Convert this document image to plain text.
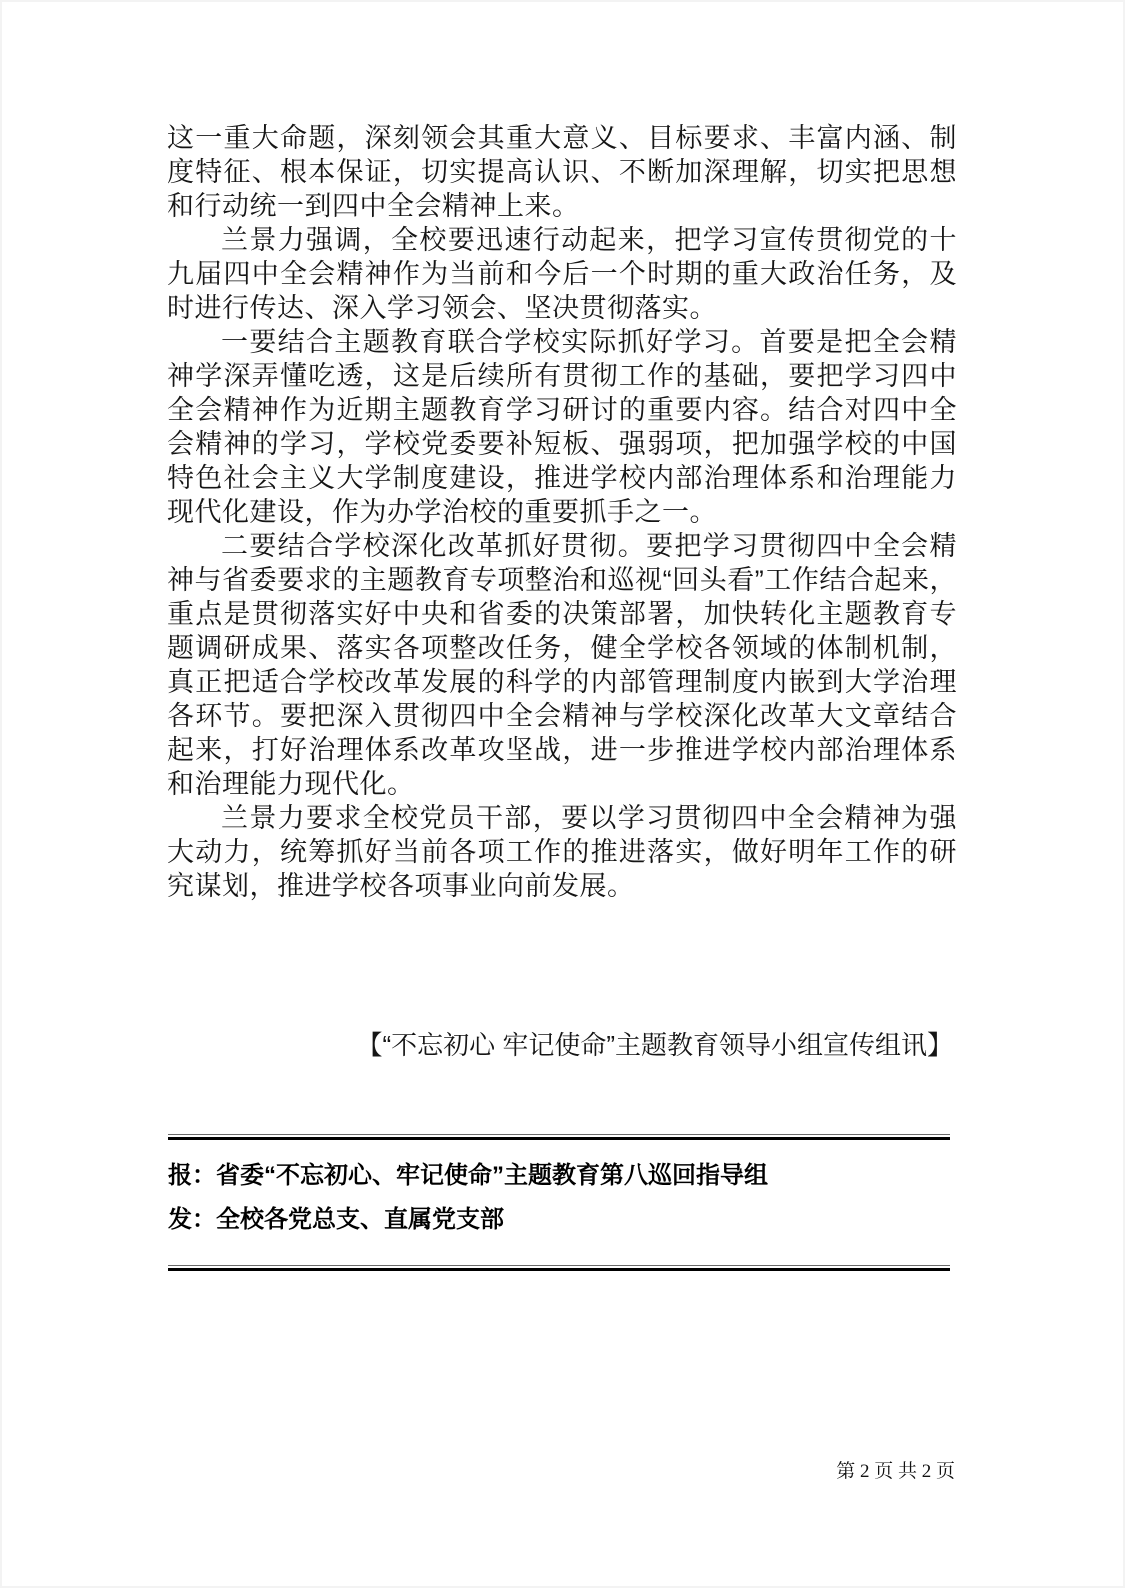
这一重大命题，深刻领会其重大意义、目标要求、丰富内涵、制度特征、根本保证，切实提高认识、不断加深理解，切实把思想和行动统一到四中全会精神上来。

兰景力强调，全校要迅速行动起来，把学习宣传贯彻党的十九届四中全会精神作为当前和今后一个时期的重大政治任务，及时进行传达、深入学习领会、坚决贯彻落实。

一要结合主题教育联合学校实际抓好学习。首要是把全会精神学深弄懂吃透，这是后续所有贯彻工作的基础，要把学习四中全会精神作为近期主题教育学习研讨的重要内容。结合对四中全会精神的学习，学校党委要补短板、强弱项，把加强学校的中国特色社会主义大学制度建设，推进学校内部治理体系和治理能力现代化建设，作为办学治校的重要抓手之一。

二要结合学校深化改革抓好贯彻。要把学习贯彻四中全会精神与省委要求的主题教育专项整治和巡视“回头看”工作结合起来，重点是贯彻落实好中央和省委的决策部署，加快转化主题教育专题调研成果、落实各项整改任务，健全学校各领域的体制机制，真正把适合学校改革发展的科学的内部管理制度内嵌到大学治理各环节。要把深入贯彻四中全会精神与学校深化改革大文章结合起来，打好治理体系改革攻坚战，进一步推进学校内部治理体系和治理能力现代化。

兰景力要求全校党员干部，要以学习贯彻四中全会精神为强大动力，统筹抓好当前各项工作的推进落实，做好明年工作的研究谋划，推进学校各项事业向前发展。

【“不忘初心 牢记使命”主题教育领导小组宣传组讯】

报：省委“不忘初心、牢记使命”主题教育第八巡回指导组

发：全校各党总支、直属党支部

第 2 页 共 2 页
